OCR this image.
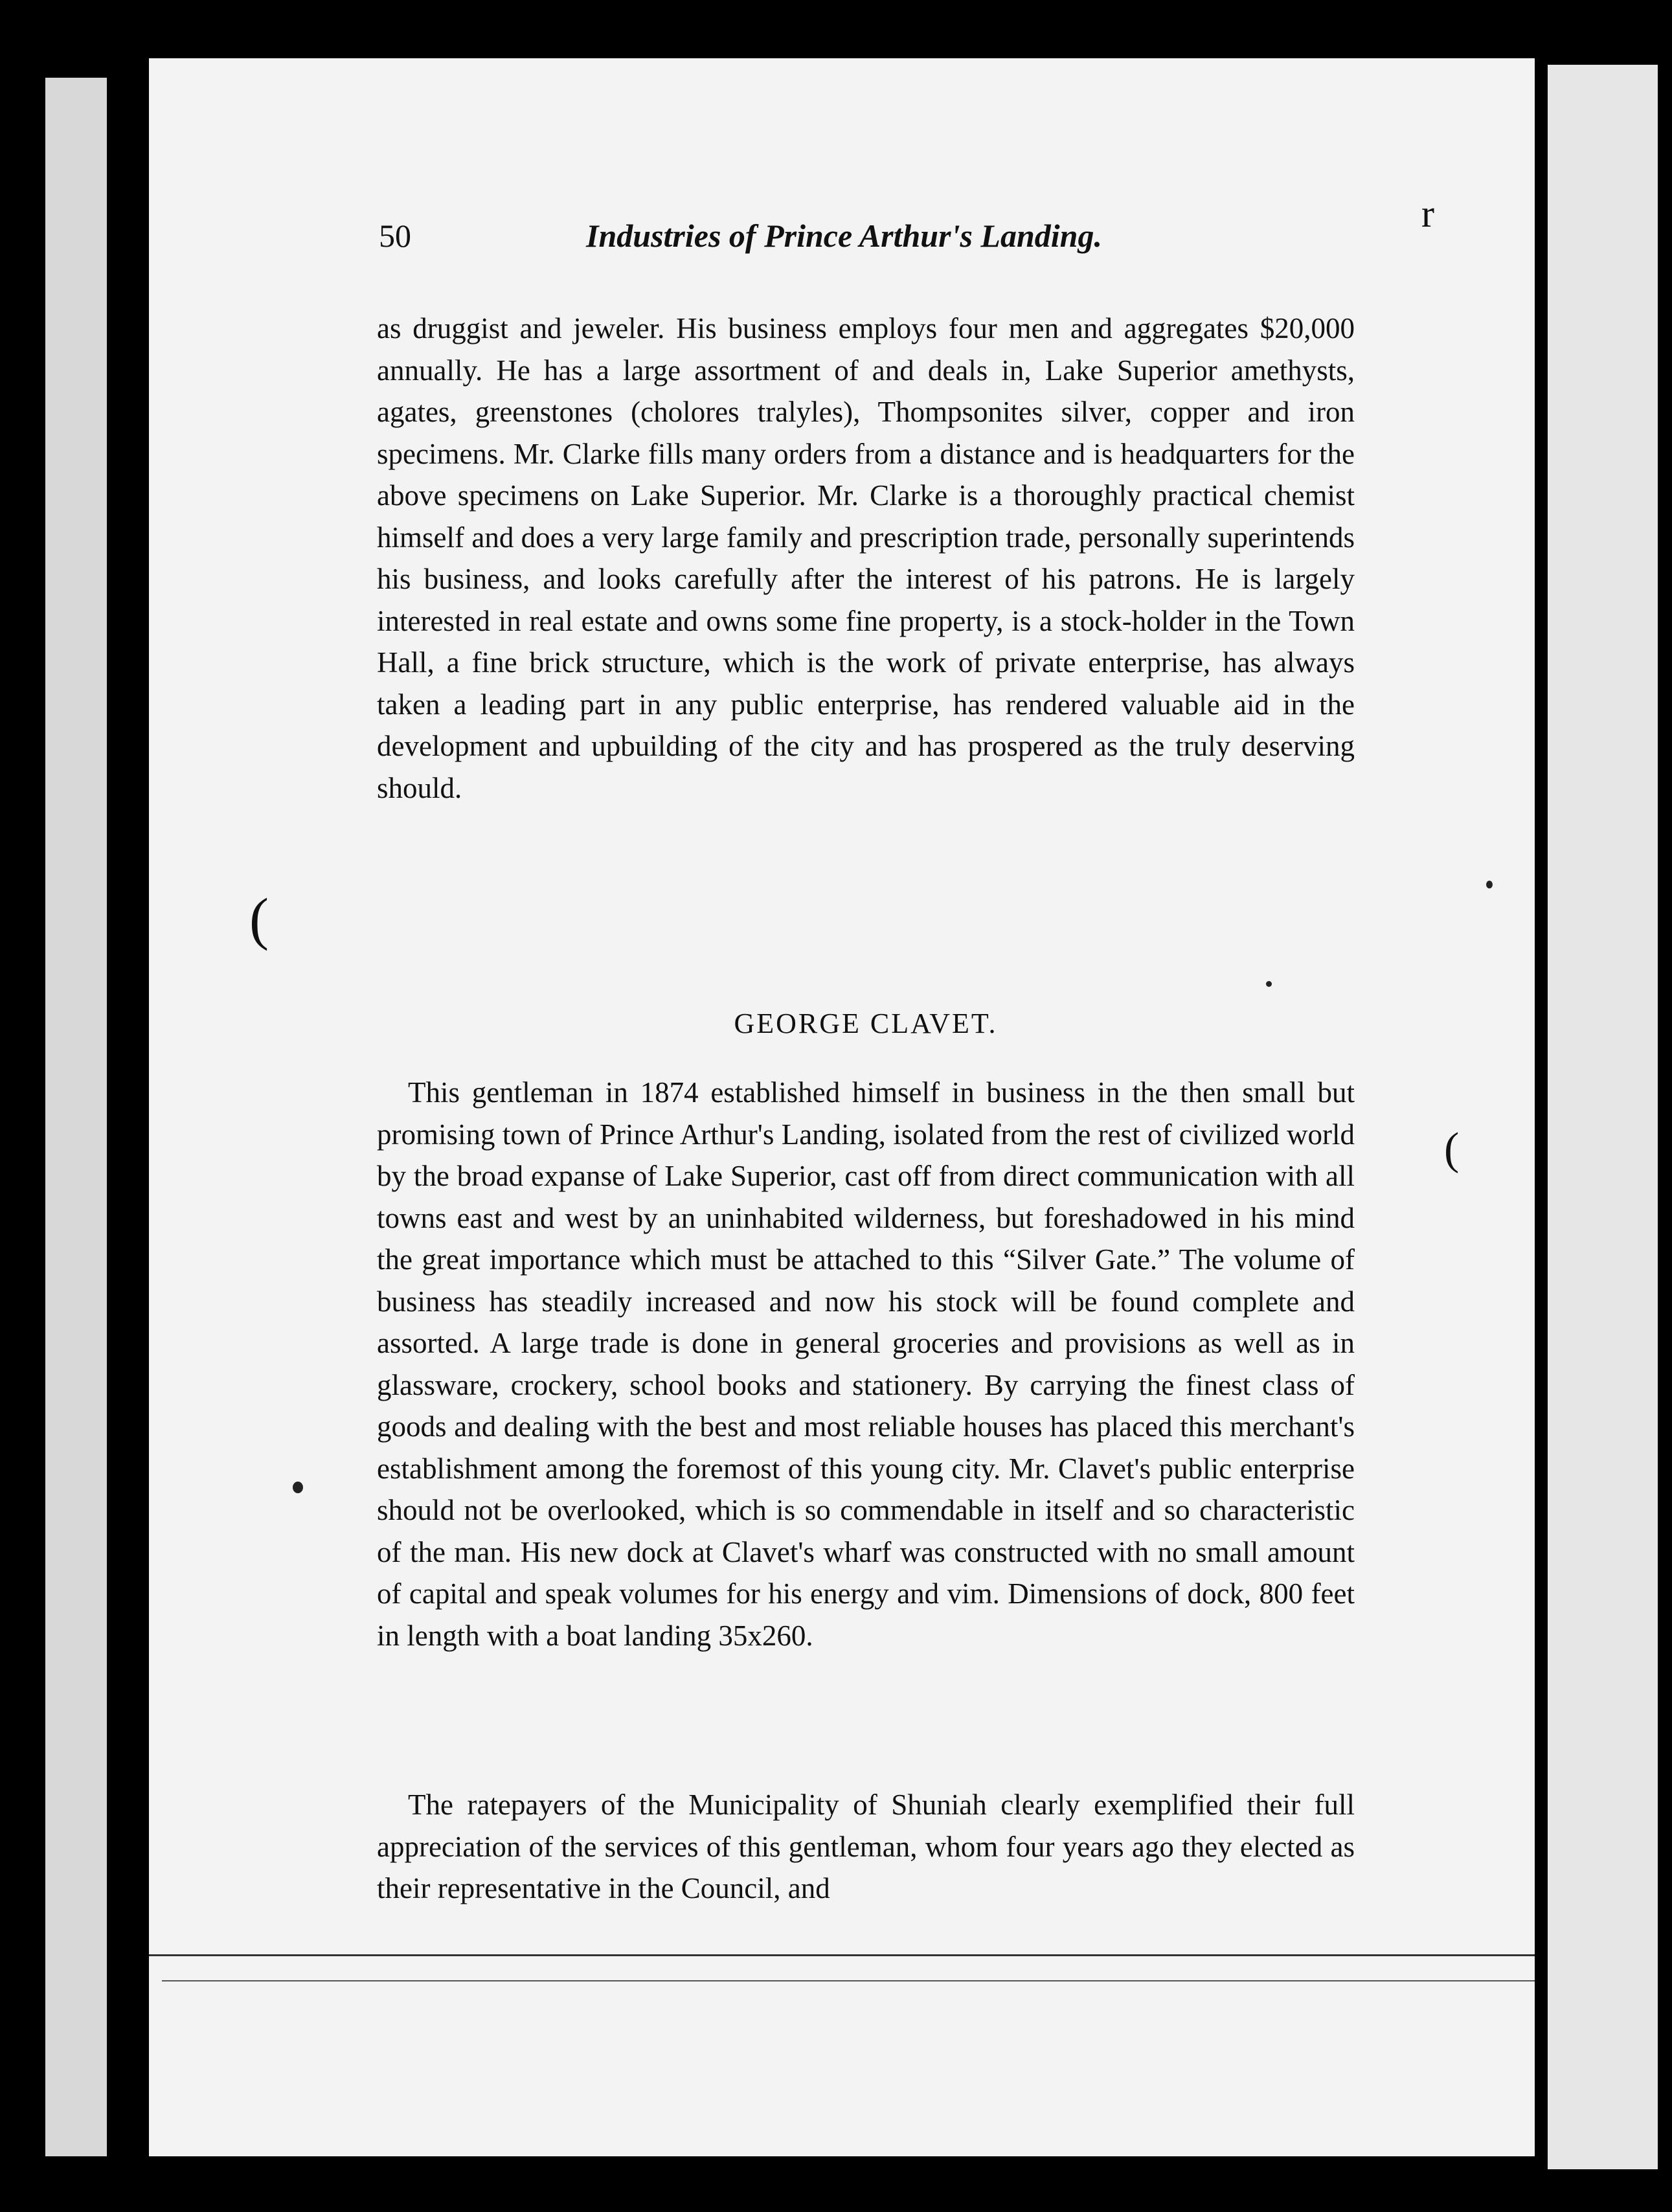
50	Industries of Prince Arthur's Landing.

as druggist and jeweler. His business employs four men and aggregates $20,000 annually. He has a large assortment of and deals in, Lake Superior amethysts, agates, greenstones (cholores tralyles), Thompsonites silver, copper and iron specimens. Mr. Clarke fills many orders from a distance and is headquarters for the above specimens on Lake Superior. Mr. Clarke is a thoroughly practical chemist himself and does a very large family and prescription trade, personally superintends his business, and looks carefully after the interest of his patrons. He is largely interested in real estate and owns some fine property, is a stock-holder in the Town Hall, a fine brick structure, which is the work of private enterprise, has always taken a leading part in any public enterprise, has rendered valuable aid in the development and upbuilding of the city and has prospered as the truly deserving should.

GEORGE CLAVET.

This gentleman in 1874 established himself in business in the then small but promising town of Prince Arthur's Landing, isolated from the rest of civilized world by the broad expanse of Lake Superior, cast off from direct communication with all towns east and west by an uninhabited wilderness, but foreshadowed in his mind the great importance which must be attached to this “Silver Gate.” The volume of business has steadily increased and now his stock will be found complete and assorted. A large trade is done in general groceries and provisions as well as in glassware, crockery, school books and stationery. By carrying the finest class of goods and dealing with the best and most reliable houses has placed this merchant's establishment among the foremost of this young city. Mr. Clavet's public enterprise should not be overlooked, which is so commendable in itself and so characteristic of the man. His new dock at Clavet's wharf was constructed with no small amount of capital and speak volumes for his energy and vim. Dimensions of dock, 800 feet in length with a boat landing 35x260.

The ratepayers of the Municipality of Shuniah clearly exemplified their full appreciation of the services of this gentleman, whom four years ago they elected as their representative in the Council, and

(
(
r
